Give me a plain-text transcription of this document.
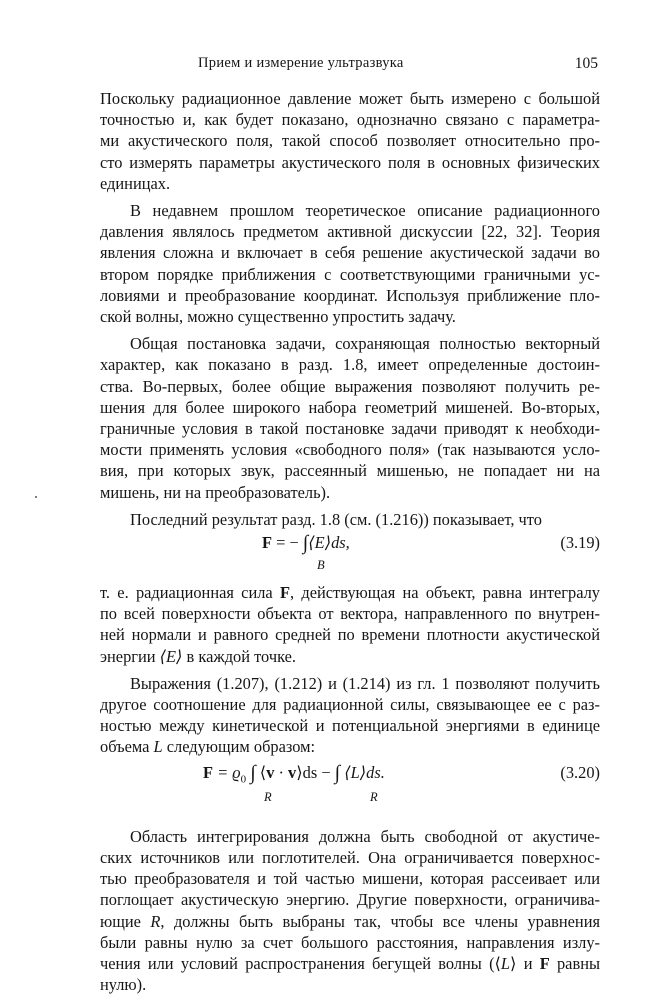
Прием и измерение ультразвука	105
Поскольку радиационное давление может быть измерено с большой
точностью и, как будет показано, однозначно связано с параметра-
ми акустического поля, такой способ позволяет относительно про-
сто измерять параметры акустического поля в основных физических
единицах.
В недавнем прошлом теоретическое описание радиационного
давления являлось предметом активной дискуссии [22, 32]. Теория
явления сложна и включает в себя решение акустической задачи во
втором порядке приближения с соответствующими граничными ус-
ловиями и преобразование координат. Используя приближение пло-
ской волны, можно существенно упростить задачу.
Общая постановка задачи, сохраняющая полностью векторный
характер, как показано в разд. 1.8, имеет определенные достоин-
ства. Во-первых, более общие выражения позволяют получить ре-
шения для более широкого набора геометрий мишеней. Во-вторых,
граничные условия в такой постановке задачи приводят к необходи-
мости применять условия «свободного поля» (так называются усло-
вия, при которых звук, рассеянный мишенью, не попадает ни на
мишень, ни на преобразователь).
Последний результат разд. 1.8 (см. (1.216)) показывает, что
F = − ∫⟨E⟩ds,
B
(3.19)
т. е. радиационная сила F, действующая на объект, равна интегралу
по всей поверхности объекта от вектора, направленного по внутрен-
ней нормали и равного средней по времени плотности акустической
энергии ⟨E⟩ в каждой точке.
Выражения (1.207), (1.212) и (1.214) из гл. 1 позволяют получить
другое соотношение для радиационной силы, связывающее ее с раз-
ностью между кинетической и потенциальной энергиями в единице
объема L следующим образом:
$F = ϱ_0$ ∫ ⟨v · v⟩ds − ∫ ⟨L⟩ds.
R	R
(3.20)
Область интегрирования должна быть свободной от акустиче-
ских источников или поглотителей. Она ограничивается поверхнос-
тью преобразователя и той частью мишени, которая рассеивает или
поглощает акустическую энергию. Другие поверхности, ограничива-
ющие R, должны быть выбраны так, чтобы все члены уравнения
были равны нулю за счет большого расстояния, направления излу-
чения или условий распространения бегущей волны (⟨L⟩ и F равны
нулю).
